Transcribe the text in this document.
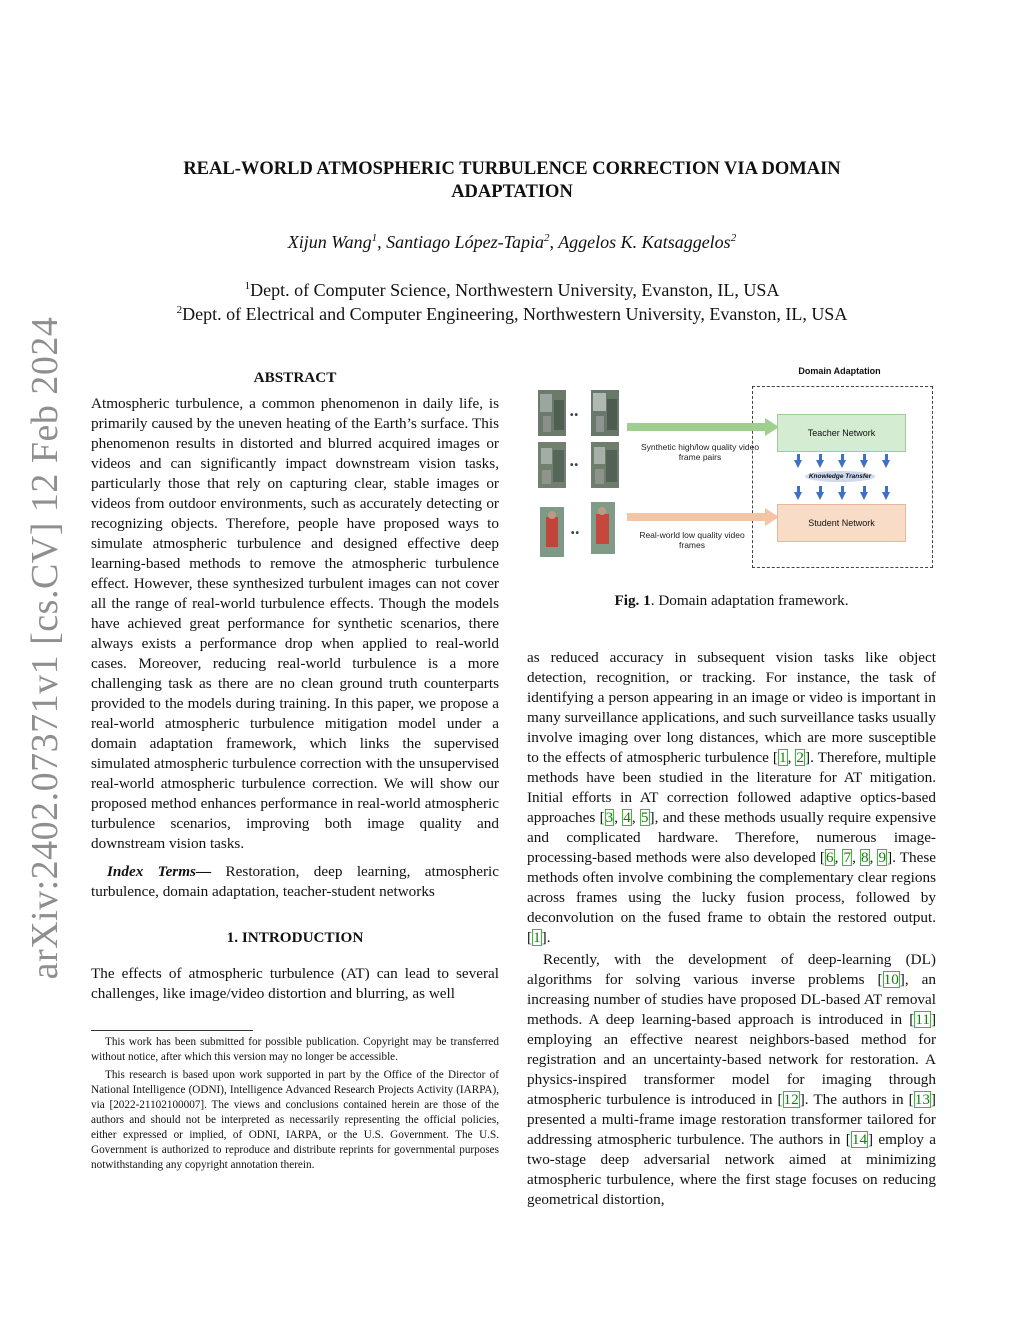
arXiv:2402.07371v1 [cs.CV] 12 Feb 2024
REAL-WORLD ATMOSPHERIC TURBULENCE CORRECTION VIA DOMAIN ADAPTATION
Xijun Wang$^1$, Santiago López-Tapia$^2$, Aggelos K. Katsaggelos$^2$
$^1$Dept. of Computer Science, Northwestern University, Evanston, IL, USA
$^2$Dept. of Electrical and Computer Engineering, Northwestern University, Evanston, IL, USA

ABSTRACT

Atmospheric turbulence, a common phenomenon in daily life, is primarily caused by the uneven heating of the Earth’s surface. This phenomenon results in distorted and blurred acquired images or videos and can significantly impact downstream vision tasks, particularly those that rely on capturing clear, stable images or videos from outdoor environments, such as accurately detecting or recognizing objects. Therefore, people have proposed ways to simulate atmospheric turbulence and designed effective deep learning-based methods to remove the atmospheric turbulence effect. However, these synthesized turbulent images can not cover all the range of real-world turbulence effects. Though the models have achieved great performance for synthetic scenarios, there always exists a performance drop when applied to real-world cases. Moreover, reducing real-world turbulence is a more challenging task as there are no clean ground truth counterparts provided to the models during training. In this paper, we propose a real-world atmospheric turbulence mitigation model under a domain adaptation framework, which links the supervised simulated atmospheric turbulence correction with the unsupervised real-world atmospheric turbulence correction. We will show our proposed method enhances performance in real-world atmospheric turbulence scenarios, improving both image quality and downstream vision tasks.

Index Terms— Restoration, deep learning, atmospheric turbulence, domain adaptation, teacher-student networks

1. INTRODUCTION

The effects of atmospheric turbulence (AT) can lead to several challenges, like image/video distortion and blurring, as well

This work has been submitted for possible publication. Copyright may be transferred without notice, after which this version may no longer be accessible.

This research is based upon work supported in part by the Office of the Director of National Intelligence (ODNI), Intelligence Advanced Research Projects Activity (IARPA), via [2022-21102100007]. The views and conclusions contained herein are those of the authors and should not be interpreted as necessarily representing the official policies, either expressed or implied, of ODNI, IARPA, or the U.S. Government. The U.S. Government is authorized to reproduce and distribute reprints for governmental purposes notwithstanding any copyright annotation therein.

Domain Adaptation
••
••
••
Synthetic high/low quality video frame pairs
Real-world low quality video frames
Teacher Network
Student Network
Knowledge Transfer
Fig. 1. Domain adaptation framework.

as reduced accuracy in subsequent vision tasks like object detection, recognition, or tracking. For instance, the task of identifying a person appearing in an image or video is important in many surveillance applications, and such surveillance tasks usually involve imaging over long distances, which are more susceptible to the effects of atmospheric turbulence [1, 2]. Therefore, multiple methods have been studied in the literature for AT mitigation. Initial efforts in AT correction followed adaptive optics-based approaches [3, 4, 5], and these methods usually require expensive and complicated hardware. Therefore, numerous image-processing-based methods were also developed [6, 7, 8, 9]. These methods often involve combining the complementary clear regions across frames using the lucky fusion process, followed by deconvolution on the fused frame to obtain the restored output. [1].

Recently, with the development of deep-learning (DL) algorithms for solving various inverse problems [10], an increasing number of studies have proposed DL-based AT removal methods. A deep learning-based approach is introduced in [11] employing an effective nearest neighbors-based method for registration and an uncertainty-based network for restoration. A physics-inspired transformer model for imaging through atmospheric turbulence is introduced in [12]. The authors in [13] presented a multi-frame image restoration transformer tailored for addressing atmospheric turbulence. The authors in [14] employ a two-stage deep adversarial network aimed at minimizing atmospheric turbulence, where the first stage focuses on reducing geometrical distortion,
